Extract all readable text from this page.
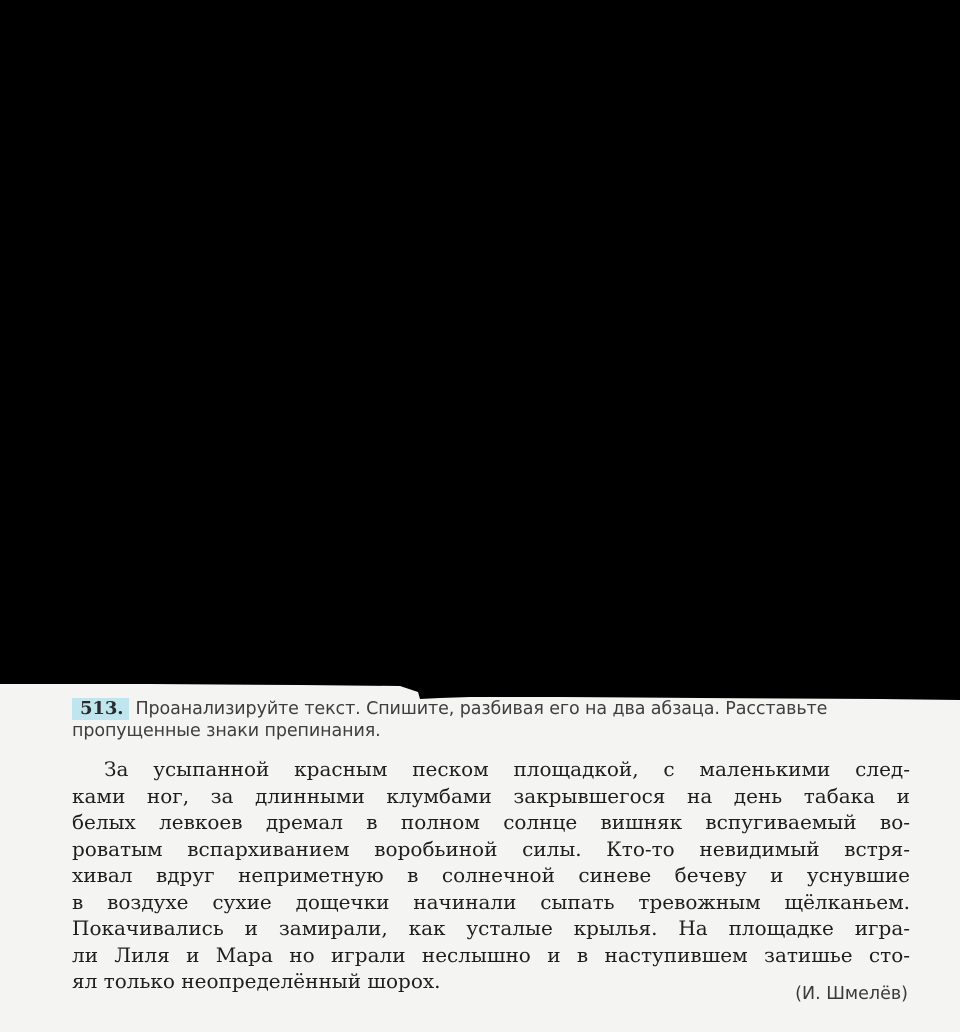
513. Проанализируйте текст. Спишите, разбивая его на два абзаца. Расставьте
пропущенные знаки препинания.
За усыпанной красным песком площадкой, с маленькими след-
ками ног, за длинными клумбами закрывшегося на день табака и
белых левкоев дремал в полном солнце вишняк вспугиваемый во-
роватым вспархиванием воробьиной силы. Кто-то невидимый встря-
хивал вдруг неприметную в солнечной синеве бечеву и уснувшие
в воздухе сухие дощечки начинали сыпать тревожным щёлканьем.
Покачивались и замирали, как усталые крылья. На площадке игра-
ли Лиля и Мара но играли неслышно и в наступившем затишье сто-
ял только неопределённый шорох.
(И. Шмелёв)
